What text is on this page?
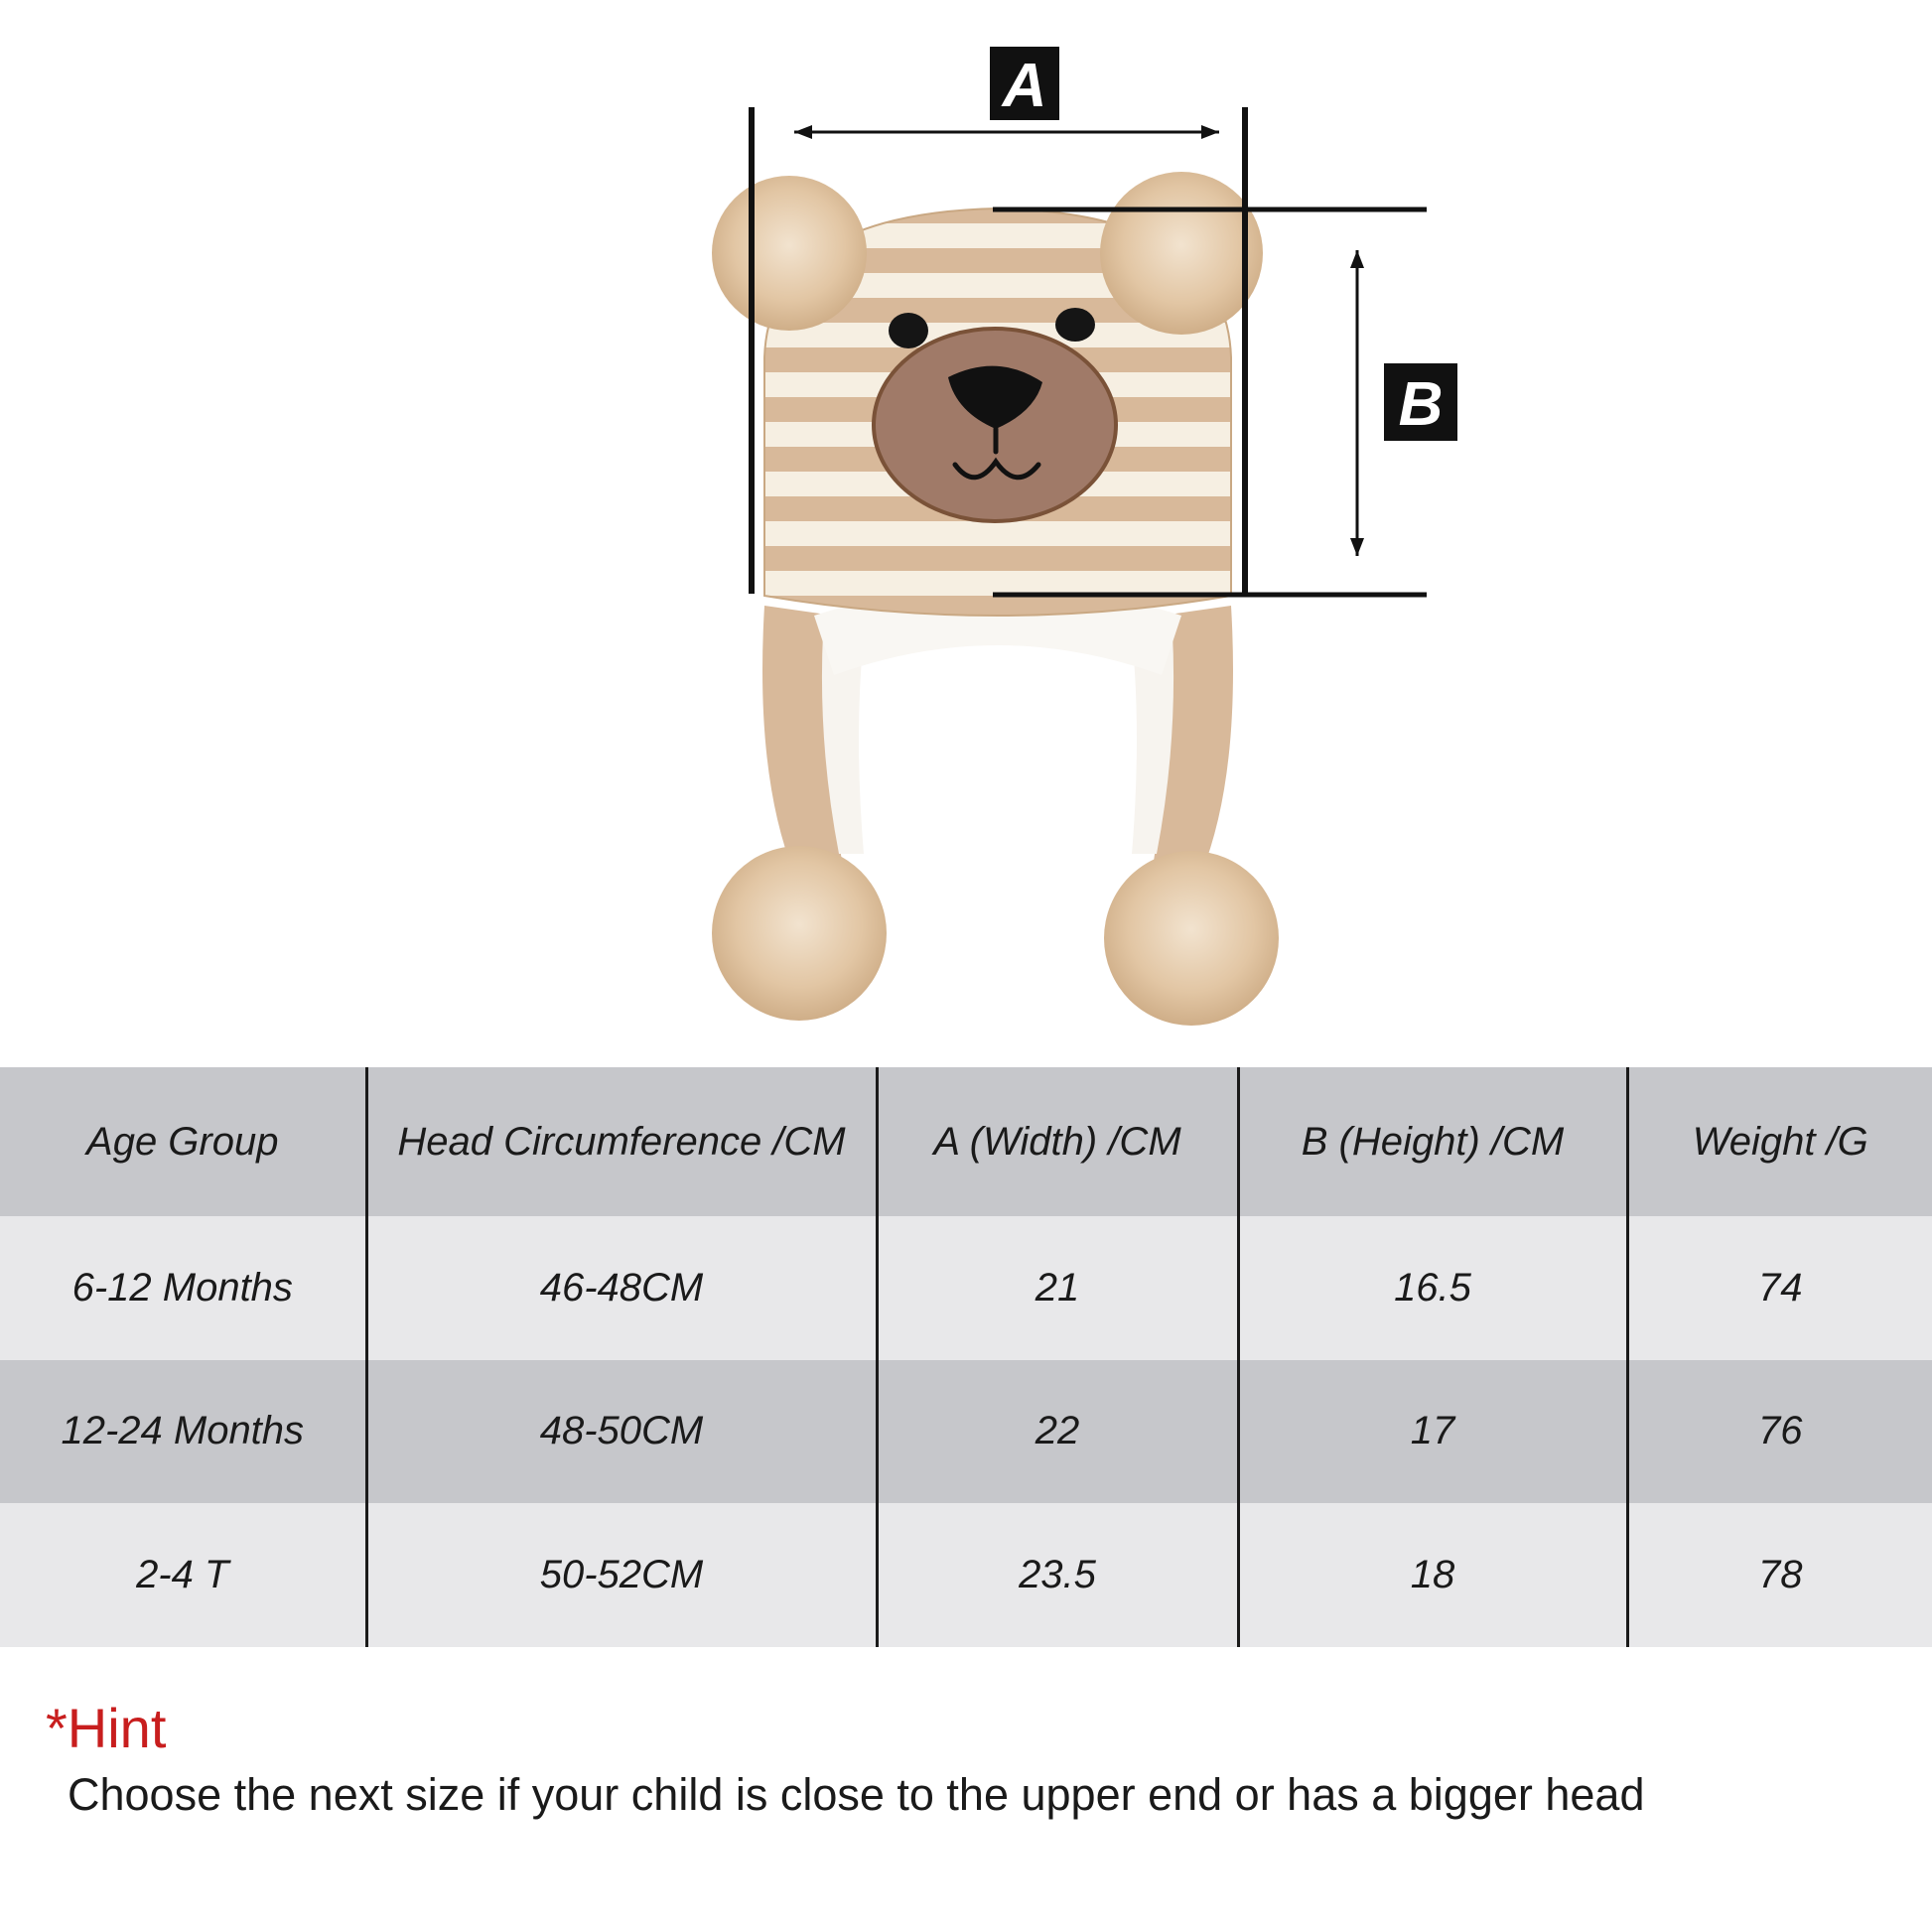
A
B
Age Group	Head Circumference /CM	A (Width) /CM	B (Height) /CM	Weight /G
6-12 Months	46-48CM	21	16.5	74
12-24 Months	48-50CM	22	17	76
2-4 T	50-52CM	23.5	18	78
*Hint
Choose the next size if your child is close to the upper end or has a bigger head
